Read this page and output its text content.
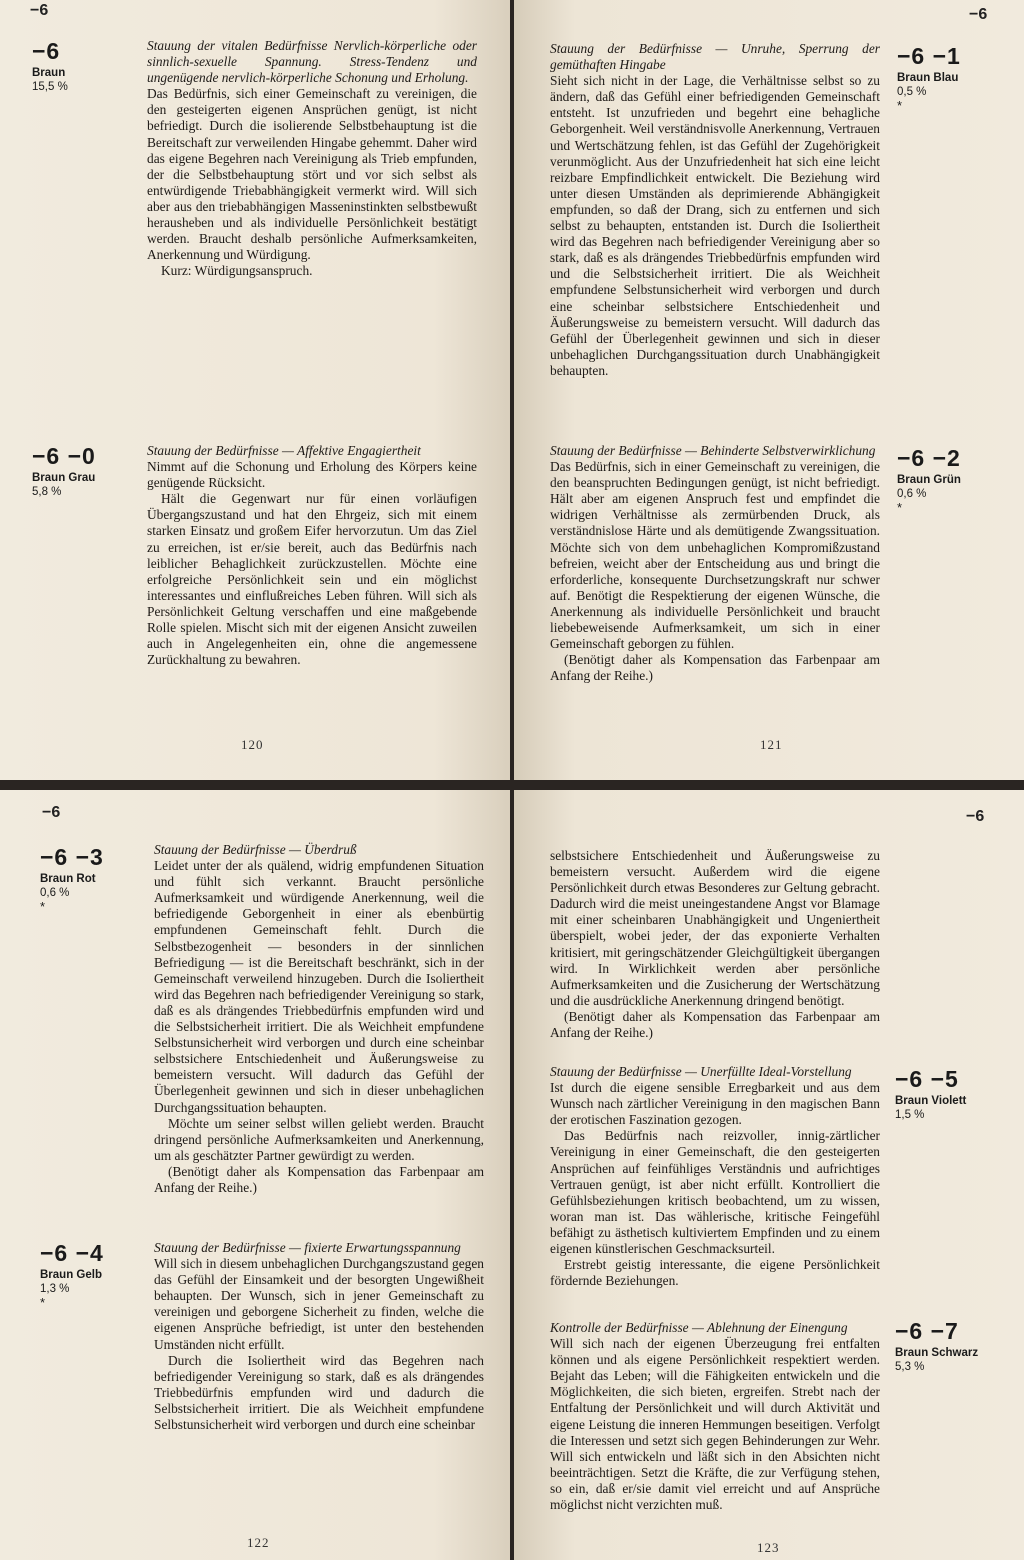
−6
−6
Braun
15,5 %

Stauung der vitalen Bedürfnisse Nervlich-körperliche oder sinnlich-sexuelle Spannung. Stress-Tendenz und ungenügende nervlich-körperliche Schonung und Erholung.

Das Bedürfnis, sich einer Gemeinschaft zu vereinigen, die den gesteigerten eigenen Ansprüchen genügt, ist nicht befriedigt. Durch die isolierende Selbstbehauptung ist die Bereitschaft zur verweilenden Hingabe gehemmt. Daher wird das eigene Begehren nach Vereinigung als Trieb empfunden, der die Selbstbehauptung stört und vor sich selbst als entwürdigende Triebabhängigkeit vermerkt wird. Will sich aber aus den triebabhängigen Masseninstinkten selbstbewußt herausheben und als individuelle Persönlichkeit bestätigt werden. Braucht deshalb persönliche Aufmerksamkeiten, Anerkennung und Würdigung.

Kurz: Würdigungsanspruch.

−6 −0
Braun Grau
5,8 %

Stauung der Bedürfnisse — Affektive Engagiertheit

Nimmt auf die Schonung und Erholung des Körpers keine genügende Rücksicht.

Hält die Gegenwart nur für einen vorläufigen Übergangszustand und hat den Ehrgeiz, sich mit einem starken Einsatz und großem Eifer hervorzutun. Um das Ziel zu erreichen, ist er/sie bereit, auch das Bedürfnis nach leiblicher Behaglichkeit zurückzustellen. Möchte eine erfolgreiche Persönlichkeit sein und ein möglichst interessantes und einflußreiches Leben führen. Will sich als Persönlichkeit Geltung verschaffen und eine maßgebende Rolle spielen. Mischt sich mit der eigenen Ansicht zuweilen auch in Angelegenheiten ein, ohne die angemessene Zurückhaltung zu bewahren.

120
−6

Stauung der Bedürfnisse — Unruhe, Sperrung der gemüthaften Hingabe

Sieht sich nicht in der Lage, die Verhältnisse selbst so zu ändern, daß das Gefühl einer befriedigenden Gemeinschaft entsteht. Ist unzufrieden und begehrt eine behagliche Geborgenheit. Weil verständnisvolle Anerkennung, Vertrauen und Wertschätzung fehlen, ist das Gefühl der Zugehörigkeit verunmöglicht. Aus der Unzufriedenheit hat sich eine leicht reizbare Empfindlichkeit entwickelt. Die Beziehung wird unter diesen Umständen als deprimierende Abhängigkeit empfunden, so daß der Drang, sich zu entfernen und sich selbst zu behaupten, entstanden ist. Durch die Isoliertheit wird das Begehren nach befriedigender Vereinigung aber so stark, daß es als drängendes Triebbedürfnis empfunden wird und die Selbstsicherheit irritiert. Die als Weichheit empfundene Selbstunsicherheit wird verborgen und durch eine scheinbar selbstsichere Entschiedenheit und Äußerungsweise zu bemeistern versucht. Will dadurch das Gefühl der Überlegenheit gewinnen und sich in dieser unbehaglichen Durchgangssituation durch Unabhängigkeit behaupten.

−6 −1
Braun Blau
0,5 %
*

Stauung der Bedürfnisse — Behinderte Selbstverwirklichung

Das Bedürfnis, sich in einer Gemeinschaft zu vereinigen, die den beanspruchten Bedingungen genügt, ist nicht befriedigt. Hält aber am eigenen Anspruch fest und empfindet die widrigen Verhältnisse als zermürbenden Druck, als verständnislose Härte und als demütigende Zwangssituation. Möchte sich von dem unbehaglichen Kompromißzustand befreien, weicht aber der Entscheidung aus und bringt die erforderliche, konsequente Durchsetzungskraft nur schwer auf. Benötigt die Respektierung der eigenen Wünsche, die Anerkennung als individuelle Persönlichkeit und braucht liebebeweisende Aufmerksamkeit, um sich in einer Gemeinschaft geborgen zu fühlen.

(Benötigt daher als Kompensation das Farbenpaar am Anfang der Reihe.)

−6 −2
Braun Grün
0,6 %
*
121
−6
−6 −3
Braun Rot
0,6 %
*

Stauung der Bedürfnisse — Überdruß

Leidet unter der als quälend, widrig empfundenen Situation und fühlt sich verkannt. Braucht persönliche Aufmerksamkeit und würdigende Anerkennung, weil die befriedigende Geborgenheit in einer als ebenbürtig empfundenen Gemeinschaft fehlt. Durch die Selbstbezogenheit — besonders in der sinnlichen Befriedigung — ist die Bereitschaft beschränkt, sich in der Gemeinschaft verweilend hinzugeben. Durch die Isoliertheit wird das Begehren nach befriedigender Vereinigung so stark, daß es als drängendes Triebbedürfnis empfunden wird und die Selbstsicherheit irritiert. Die als Weichheit empfundene Selbstunsicherheit wird verborgen und durch eine scheinbar selbstsichere Entschiedenheit und Äußerungsweise zu bemeistern versucht. Will dadurch das Gefühl der Überlegenheit gewinnen und sich in dieser unbehaglichen Durchgangssituation behaupten.

Möchte um seiner selbst willen geliebt werden. Braucht dringend persönliche Aufmerksamkeiten und Anerkennung, um als geschätzter Partner gewürdigt zu werden.

(Benötigt daher als Kompensation das Farbenpaar am Anfang der Reihe.)

−6 −4
Braun Gelb
1,3 %
*

Stauung der Bedürfnisse — fixierte Erwartungsspannung

Will sich in diesem unbehaglichen Durchgangszustand gegen das Gefühl der Einsamkeit und der besorgten Ungewißheit behaupten. Der Wunsch, sich in jener Gemeinschaft zu vereinigen und geborgene Sicherheit zu finden, welche die eigenen Ansprüche befriedigt, ist unter den bestehenden Umständen nicht erfüllt.

Durch die Isoliertheit wird das Begehren nach befriedigender Vereinigung so stark, daß es als drängendes Triebbedürfnis empfunden wird und dadurch die Selbstsicherheit irritiert. Die als Weichheit empfundene Selbstunsicherheit wird verborgen und durch eine scheinbar

122
−6

selbstsichere Entschiedenheit und Äußerungsweise zu bemeistern versucht. Außerdem wird die eigene Persönlichkeit durch etwas Besonderes zur Geltung gebracht. Dadurch wird die meist uneingestandene Angst vor Blamage mit einer scheinbaren Unabhängigkeit und Ungeniertheit überspielt, wobei jeder, der das exponierte Verhalten kritisiert, mit geringschätzender Gleichgültigkeit übergangen wird. In Wirklichkeit werden aber persönliche Aufmerksamkeiten und die Zusicherung der Wertschätzung und die ausdrückliche Anerkennung dringend benötigt.

(Benötigt daher als Kompensation das Farbenpaar am Anfang der Reihe.)

Stauung der Bedürfnisse — Unerfüllte Ideal-Vorstellung

Ist durch die eigene sensible Erregbarkeit und aus dem Wunsch nach zärtlicher Vereinigung in den magischen Bann der erotischen Faszination gezogen.

Das Bedürfnis nach reizvoller, innig-zärtlicher Vereinigung in einer Gemeinschaft, die den gesteigerten Ansprüchen auf feinfühliges Verständnis und aufrichtiges Vertrauen genügt, ist aber nicht erfüllt. Kontrolliert die Gefühlsbeziehungen kritisch beobachtend, um zu wissen, woran man ist. Das wählerische, kritische Feingefühl befähigt zu ästhetisch kultiviertem Empfinden und zu einem eigenen künstlerischen Geschmacksurteil.

Erstrebt geistig interessante, die eigene Persönlichkeit fördernde Beziehungen.

−6 −5
Braun Violett
1,5 %

Kontrolle der Bedürfnisse — Ablehnung der Einengung

Will sich nach der eigenen Überzeugung frei entfalten können und als eigene Persönlichkeit respektiert werden. Bejaht das Leben; will die Fähigkeiten entwickeln und die Möglichkeiten, die sich bieten, ergreifen. Strebt nach der Entfaltung der Persönlichkeit und will durch Aktivität und eigene Leistung die inneren Hemmungen beseitigen. Verfolgt die Interessen und setzt sich gegen Behinderungen zur Wehr. Will sich entwickeln und läßt sich in den Absichten nicht beeinträchtigen. Setzt die Kräfte, die zur Verfügung stehen, so ein, daß er/sie damit viel erreicht und auf Ansprüche möglichst nicht verzichten muß.

−6 −7
Braun Schwarz
5,3 %
123
